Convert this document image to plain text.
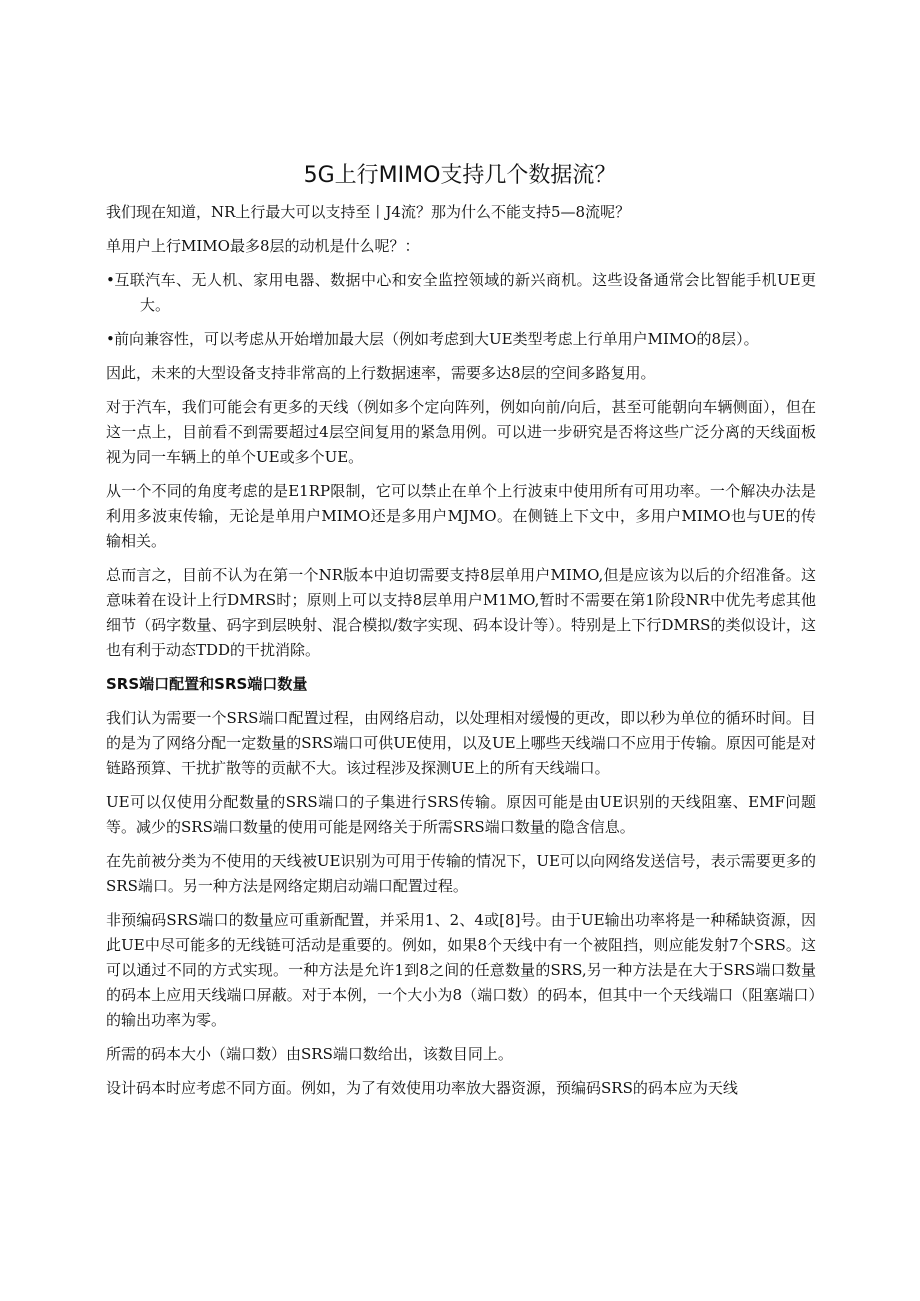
5G上行MIMO支持几个数据流？

我们现在知道，NR上行最大可以支持至丨J4流？那为什么不能支持5—8流呢？

单用户上行MIMO最多8层的动机是什么呢？：

•互联汽车、无人机、家用电器、数据中心和安全监控领域的新兴商机。这些设备通常会比智能手机UE更大。

•前向兼容性，可以考虑从开始增加最大层（例如考虑到大UE类型考虑上行单用户MIMO的8层）。

因此，未来的大型设备支持非常高的上行数据速率，需要多达8层的空间多路复用。

对于汽车，我们可能会有更多的天线（例如多个定向阵列，例如向前/向后，甚至可能朝向车辆侧面），但在这一点上，目前看不到需要超过4层空间复用的紧急用例。可以进一步研究是否将这些广泛分离的天线面板视为同一车辆上的单个UE或多个UE。

从一个不同的角度考虑的是E1RP限制，它可以禁止在单个上行波束中使用所有可用功率。一个解决办法是利用多波束传输，无论是单用户MIMO还是多用户MJMO。在侧链上下文中，多用户MIMO也与UE的传输相关。

总而言之，目前不认为在第一个NR版本中迫切需要支持8层单用户MIMO,但是应该为以后的介绍准备。这意味着在设计上行DMRS时；原则上可以支持8层单用户M1MO,暂时不需要在第1阶段NR中优先考虑其他细节（码字数量、码字到层映射、混合模拟/数字实现、码本设计等）。特别是上下行DMRS的类似设计，这也有利于动态TDD的干扰消除。

SRS端口配置和SRS端口数量

我们认为需要一个SRS端口配置过程，由网络启动，以处理相对缓慢的更改，即以秒为单位的循环时间。目的是为了网络分配一定数量的SRS端口可供UE使用，以及UE上哪些天线端口不应用于传输。原因可能是对链路预算、干扰扩散等的贡献不大。该过程涉及探测UE上的所有天线端口。

UE可以仅使用分配数量的SRS端口的子集进行SRS传输。原因可能是由UE识别的天线阻塞、EMF问题等。减少的SRS端口数量的使用可能是网络关于所需SRS端口数量的隐含信息。

在先前被分类为不使用的天线被UE识别为可用于传输的情况下，UE可以向网络发送信号，表示需要更多的SRS端口。另一种方法是网络定期启动端口配置过程。

非预编码SRS端口的数量应可重新配置，并采用1、2、4或[8]号。由于UE输出功率将是一种稀缺资源，因此UE中尽可能多的无线链可活动是重要的。例如，如果8个天线中有一个被阻挡，则应能发射7个SRS。这可以通过不同的方式实现。一种方法是允许1到8之间的任意数量的SRS,另一种方法是在大于SRS端口数量的码本上应用天线端口屏蔽。对于本例，一个大小为8（端口数）的码本，但其中一个天线端口（阻塞端口）的输出功率为零。

所需的码本大小（端口数）由SRS端口数给出，该数目同上。

设计码本时应考虑不同方面。例如，为了有效使用功率放大器资源，预编码SRS的码本应为天线
